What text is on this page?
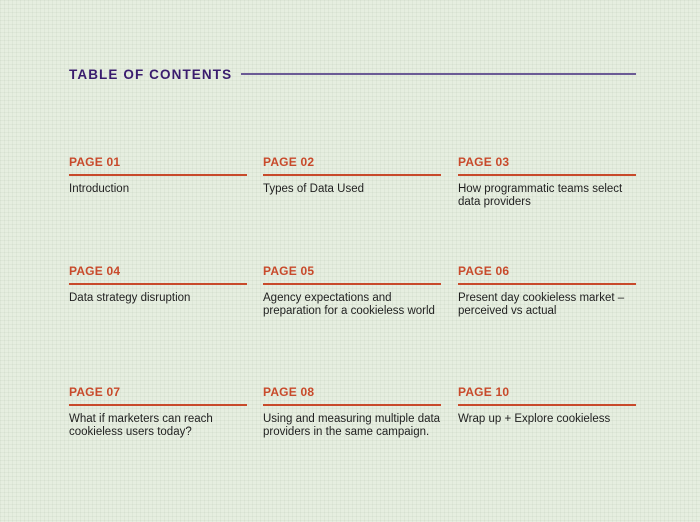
TABLE OF CONTENTS
PAGE 01
Introduction
PAGE 02
Types of Data Used
PAGE 03
How programmatic teams select data providers
PAGE 04
Data strategy disruption
PAGE 05
Agency expectations and preparation for a cookieless world
PAGE 06
Present day cookieless market – perceived vs actual
PAGE 07
What if marketers can reach cookieless users today?
PAGE 08
Using and measuring multiple data providers in the same campaign.
PAGE 10
Wrap up + Explore cookieless
